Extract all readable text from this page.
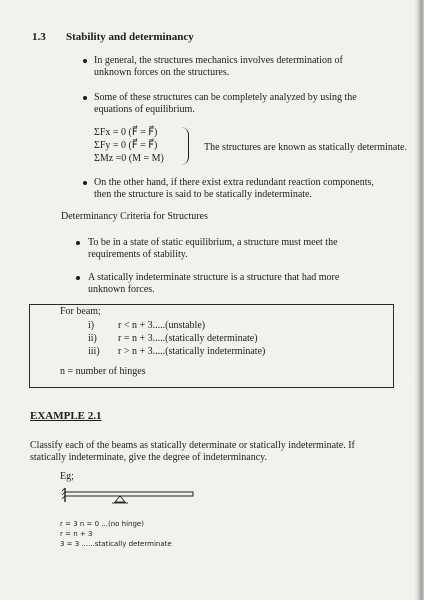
1.3 Stability and determinancy
In general, the structures mechanics involves determination of
unknown forces on the structures.
Some of these structures can be completely analyzed by using the
equations of equilibrium.
ΣFx = 0 (F⃗ = F⃗)
ΣFy = 0 (F⃗ = F⃗)
ΣMz =0 (M = M)
The structures are known as statically determinate.
On the other hand, if there exist extra redundant reaction components,
then the structure is said to be statically indeterminate.
Determinancy Criteria for Structures
To be in a state of static equilibrium, a structure must meet the
requirements of stability.
A statically indeterminate structure is a structure that had more
unknown forces.
For beam;
i) r < n + 3.....(unstable)
ii) r = n + 3.....(statically determinate)
iii) r > n + 3.....(statically indeterminate)
n = number of hinges
EXAMPLE 2.1
Classify each of the beams as statically determinate or statically indeterminate. If
statically indeterminate, give the degree of indeterminancy.
Eg;
r = 3 n = 0 ...(no hinge)
r = n + 3
3 = 3 ......statically determinate
